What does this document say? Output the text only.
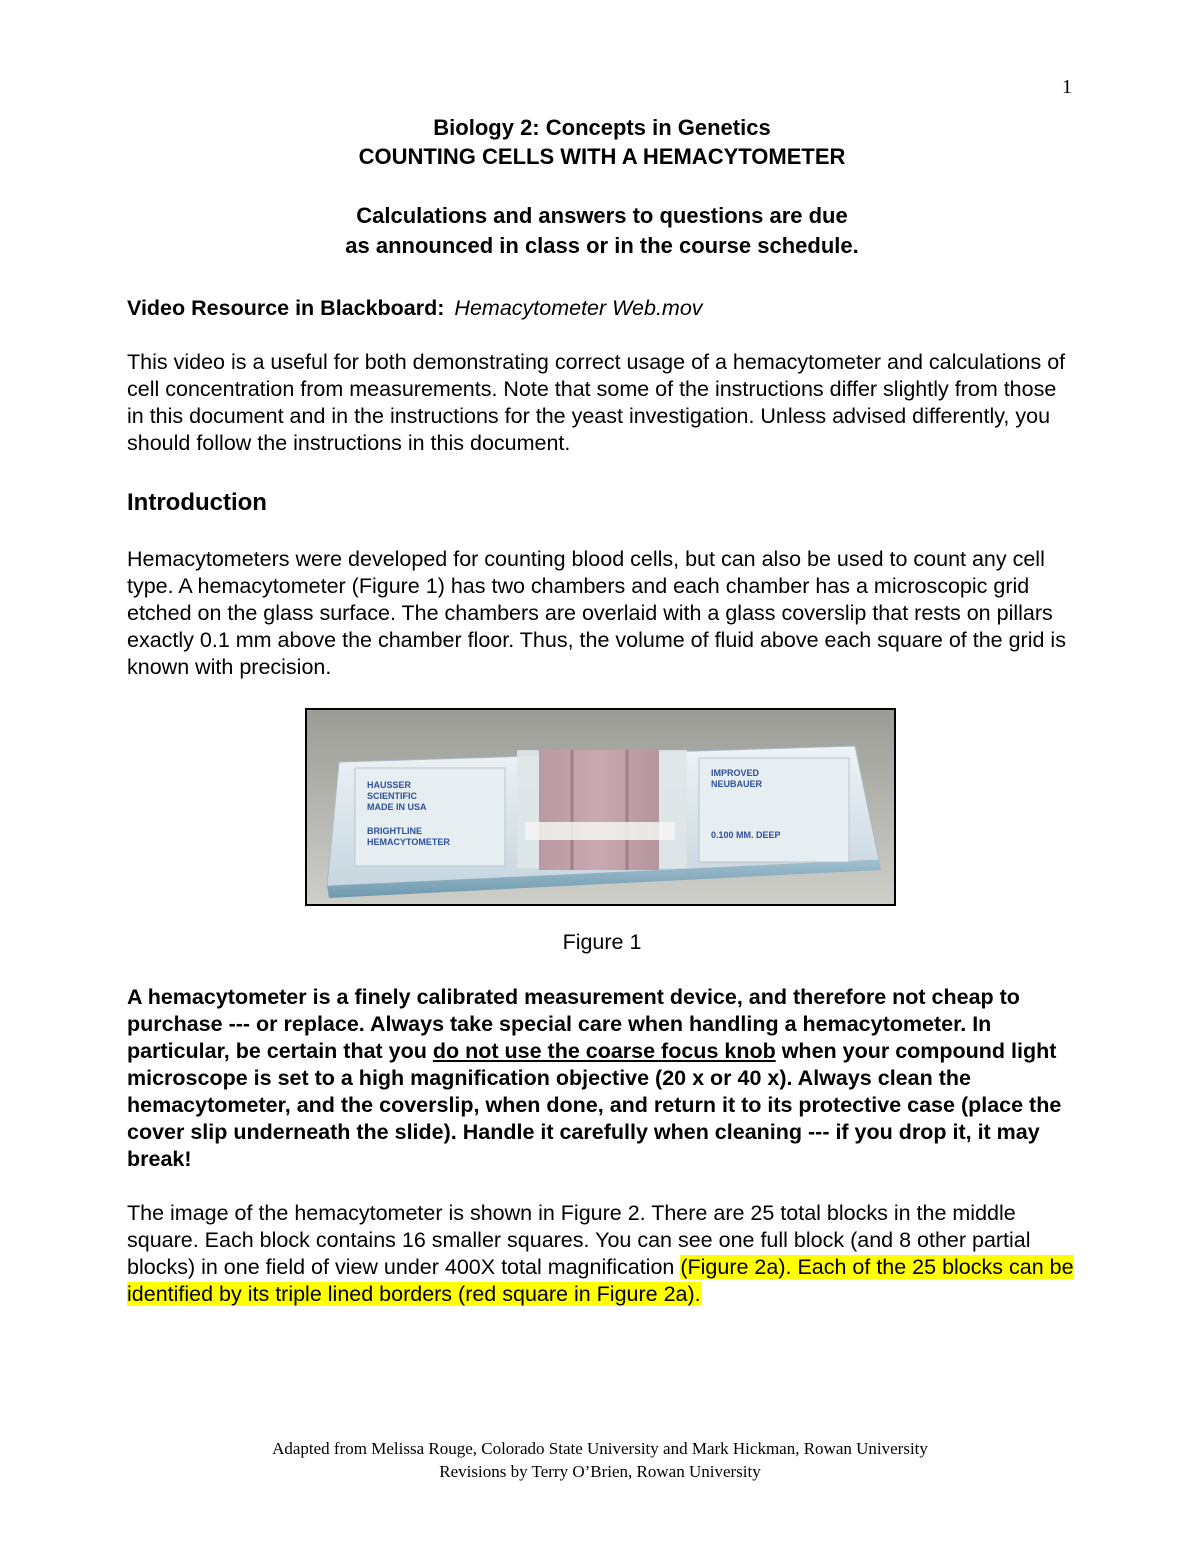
1

Biology 2: Concepts in Genetics

COUNTING CELLS WITH A HEMACYTOMETER

Calculations and answers to questions are due
as announced in class or in the course schedule.

Video Resource in Blackboard: Hemacytometer Web.mov

This video is a useful for both demonstrating correct usage of a hemacytometer and calculations of cell concentration from measurements. Note that some of the instructions differ slightly from those in this document and in the instructions for the yeast investigation. Unless advised differently, you should follow the instructions in this document.

Introduction

Hemacytometers were developed for counting blood cells, but can also be used to count any cell type. A hemacytometer (Figure 1) has two chambers and each chamber has a microscopic grid etched on the glass surface. The chambers are overlaid with a glass coverslip that rests on pillars exactly 0.1 mm above the chamber floor. Thus, the volume of fluid above each square of the grid is known with precision.

HAUSSER
SCIENTIFIC
MADE IN USA
BRIGHTLINE
HEMACYTOMETER
IMPROVED
NEUBAUER
0.100 MM. DEEP

Figure 1

A hemacytometer is a finely calibrated measurement device, and therefore not cheap to purchase --- or replace. Always take special care when handling a hemacytometer. In particular, be certain that you do not use the coarse focus knob when your compound light microscope is set to a high magnification objective (20 x or 40 x). Always clean the hemacytometer, and the coverslip, when done, and return it to its protective case (place the cover slip underneath the slide). Handle it carefully when cleaning --- if you drop it, it may break!

The image of the hemacytometer is shown in Figure 2. There are 25 total blocks in the middle square. Each block contains 16 smaller squares. You can see one full block (and 8 other partial blocks) in one field of view under 400X total magnification (Figure 2a). Each of the 25 blocks can be identified by its triple lined borders (red square in Figure 2a).

Adapted from Melissa Rouge, Colorado State University and Mark Hickman, Rowan University
Revisions by Terry O’Brien, Rowan University
